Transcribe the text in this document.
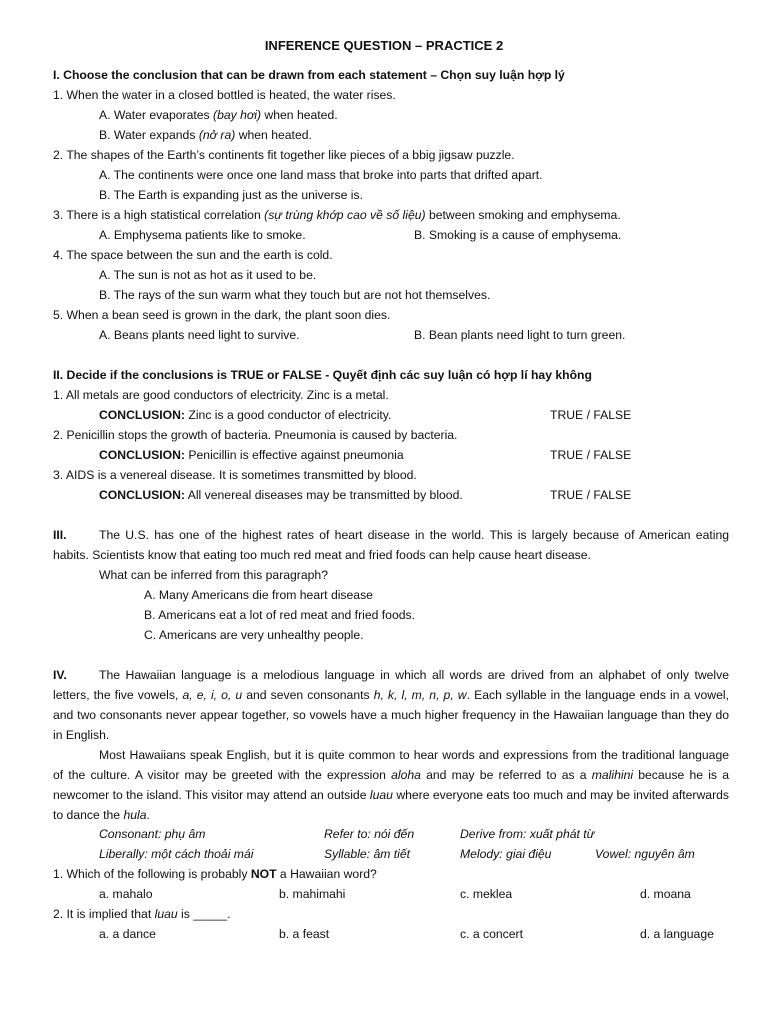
INFERENCE QUESTION – PRACTICE 2
I. Choose the conclusion that can be drawn from each statement – Chọn suy luận hợp lý
1. When the water in a closed bottled is heated, the water rises.
A. Water evaporates (bay hơi) when heated.
B. Water expands (nở ra) when heated.
2. The shapes of the Earth’s continents fit together like pieces of a bbig jigsaw puzzle.
A. The continents were once one land mass that broke into parts that drifted apart.
B. The Earth is expanding just as the universe is.
3. There is a high statistical correlation (sự trùng khớp cao về số liệu) between smoking and emphysema.
A. Emphysema patients like to smoke.	B. Smoking is a cause of emphysema.
4. The space between the sun and the earth is cold.
A. The sun is not as hot as it used to be.
B. The rays of the sun warm what they touch but are not hot themselves.
5. When a bean seed is grown in the dark, the plant soon dies.
A. Beans plants need light to survive.	B. Bean plants need light to turn green.
II. Decide if the conclusions is TRUE or FALSE - Quyết định các suy luận có hợp lí hay không
1. All metals are good conductors of electricity. Zinc is a metal.
CONCLUSION: Zinc is a good conductor of electricity.	TRUE / FALSE
2. Penicillin stops the growth of bacteria. Pneumonia is caused by bacteria.
CONCLUSION: Penicillin is effective against pneumonia	TRUE / FALSE
3. AIDS is a venereal disease. It is sometimes transmitted by blood.
CONCLUSION: All venereal diseases may be transmitted by blood.	TRUE / FALSE
III.	The U.S. has one of the highest rates of heart disease in the world. This is largely because of American eating habits. Scientists know that eating too much red meat and fried foods can help cause heart disease.

What can be inferred from this paragraph?
A. Many Americans die from heart disease
B. Americans eat a lot of red meat and fried foods.
C. Americans are very unhealthy people.
IV.	The Hawaiian language is a melodious language in which all words are drived from an alphabet of only twelve letters, the five vowels, a, e, i, o, u and seven consonants h, k, l, m, n, p, w. Each syllable in the language ends in a vowel, and two consonants never appear together, so vowels have a much higher frequency in the Hawaiian language than they do in English.

Most Hawaiians speak English, but it is quite common to hear words and expressions from the traditional language of the culture. A visitor may be greeted with the expression aloha and may be referred to as a malihini because he is a newcomer to the island. This visitor may attend an outside luau where everyone eats too much and may be invited afterwards to dance the hula.

Consonant: phụ âm	Refer to: nói đến	Derive from: xuất phát từ
Liberally: một cách thoải mái	Syllable: âm tiết	Melody: giai điệu	Vowel: nguyên âm
1. Which of the following is probably NOT a Hawaiian word?
a. mahalo	b. mahimahi	c. meklea	d. moana
2. It is implied that luau is _____.
a. a dance	b. a feast	c. a concert	d. a language
